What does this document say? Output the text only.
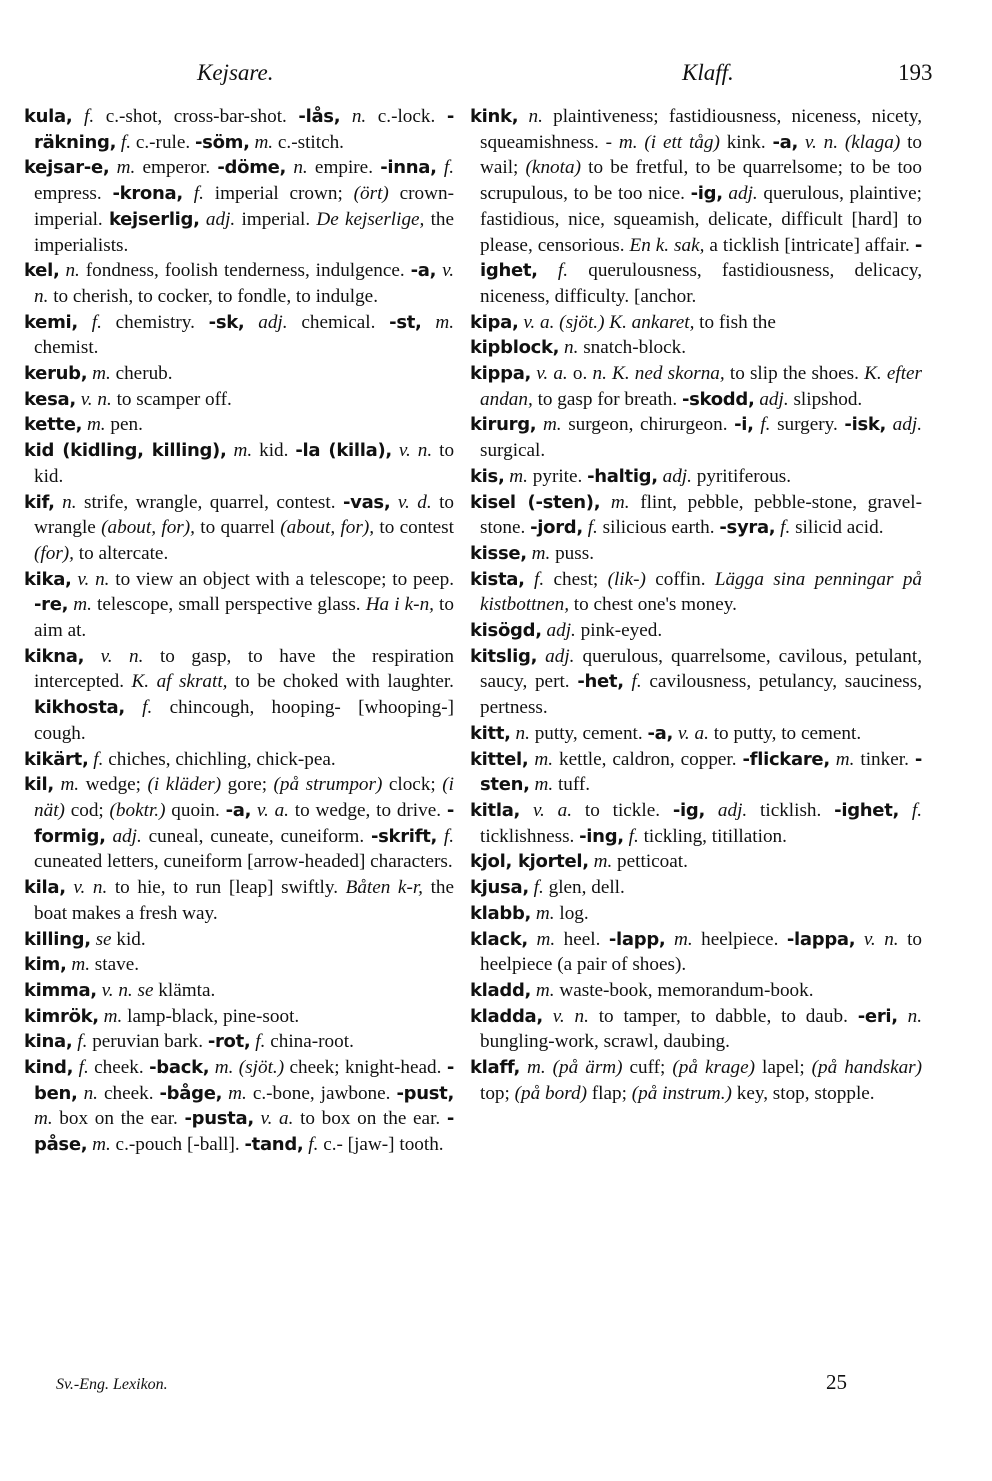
Kejsare.	Klaff.	193

kula, f. c.-shot, cross-bar-shot. -lås, n. c.-lock. -räkning, f. c.-rule. -söm, m. c.-stitch.

kejsar-e, m. emperor. -döme, n. empire. -inna, f. empress. -krona, f. imperial crown; (ört) crown-imperial. kejserlig, adj. imperial. De kejserlige, the imperialists.

kel, n. fondness, foolish tenderness, indulgence. -a, v. n. to cherish, to cocker, to fondle, to indulge.

kemi, f. chemistry. -sk, adj. chemical. -st, m. chemist.

kerub, m. cherub.

kesa, v. n. to scamper off.

kette, m. pen.

kid (kidling, killing), m. kid. -la (killa), v. n. to kid.

kif, n. strife, wrangle, quarrel, contest. -vas, v. d. to wrangle (about, for), to quarrel (about, for), to contest (for), to altercate.

kika, v. n. to view an object with a telescope; to peep. -re, m. telescope, small perspective glass. Ha i k-n, to aim at.

kikna, v. n. to gasp, to have the respiration intercepted. K. af skratt, to be choked with laughter. kikhosta, f. chincough, hooping- [whooping-] cough.

kikärt, f. chiches, chichling, chick-pea.

kil, m. wedge; (i kläder) gore; (på strumpor) clock; (i nät) cod; (boktr.) quoin. -a, v. a. to wedge, to drive. -formig, adj. cuneal, cuneate, cuneiform. -skrift, f. cuneated letters, cuneiform [arrow-headed] characters.

kila, v. n. to hie, to run [leap] swiftly. Båten k-r, the boat makes a fresh way.

killing, se kid.

kim, m. stave.

kimma, v. n. se klämta.

kimrök, m. lamp-black, pine-soot.

kina, f. peruvian bark. -rot, f. china-root.

kind, f. cheek. -back, m. (sjöt.) cheek; knight-head. -ben, n. cheek. -båge, m. c.-bone, jawbone. -pust, m. box on the ear. -pusta, v. a. to box on the ear. -påse, m. c.-pouch [-ball]. -tand, f. c.- [jaw-] tooth.

kink, n. plaintiveness; fastidiousness, niceness, nicety, squeamishness. - m. (i ett tåg) kink. -a, v. n. (klaga) to wail; (knota) to be fretful, to be quarrelsome; to be too scrupulous, to be too nice. -ig, adj. querulous, plaintive; fastidious, nice, squeamish, delicate, difficult [hard] to please, censorious. En k. sak, a ticklish [intricate] affair. -ighet, f. querulousness, fastidiousness, delicacy, niceness, difficulty. [anchor.

kipa, v. a. (sjöt.) K. ankaret, to fish the

kipblock, n. snatch-block.

kippa, v. a. o. n. K. ned skorna, to slip the shoes. K. efter andan, to gasp for breath. -skodd, adj. slipshod.

kirurg, m. surgeon, chirurgeon. -i, f. surgery. -isk, adj. surgical.

kis, m. pyrite. -haltig, adj. pyritiferous.

kisel (-sten), m. flint, pebble, pebble-stone, gravel-stone. -jord, f. silicious earth. -syra, f. silicid acid.

kisse, m. puss.

kista, f. chest; (lik-) coffin. Lägga sina penningar på kistbottnen, to chest one's money.

kisögd, adj. pink-eyed.

kitslig, adj. querulous, quarrelsome, cavilous, petulant, saucy, pert. -het, f. cavilousness, petulancy, sauciness, pertness.

kitt, n. putty, cement. -a, v. a. to putty, to cement.

kittel, m. kettle, caldron, copper. -flickare, m. tinker. -sten, m. tuff.

kitla, v. a. to tickle. -ig, adj. ticklish. -ighet, f. ticklishness. -ing, f. tickling, titillation.

kjol, kjortel, m. petticoat.

kjusa, f. glen, dell.

klabb, m. log.

klack, m. heel. -lapp, m. heelpiece. -lappa, v. n. to heelpiece (a pair of shoes).

kladd, m. waste-book, memorandum-book.

kladda, v. n. to tamper, to dabble, to daub. -eri, n. bungling-work, scrawl, daubing.

klaff, m. (på ärm) cuff; (på krage) lapel; (på handskar) top; (på bord) flap; (på instrum.) key, stop, stopple.

Sv.-Eng. Lexikon.	25
